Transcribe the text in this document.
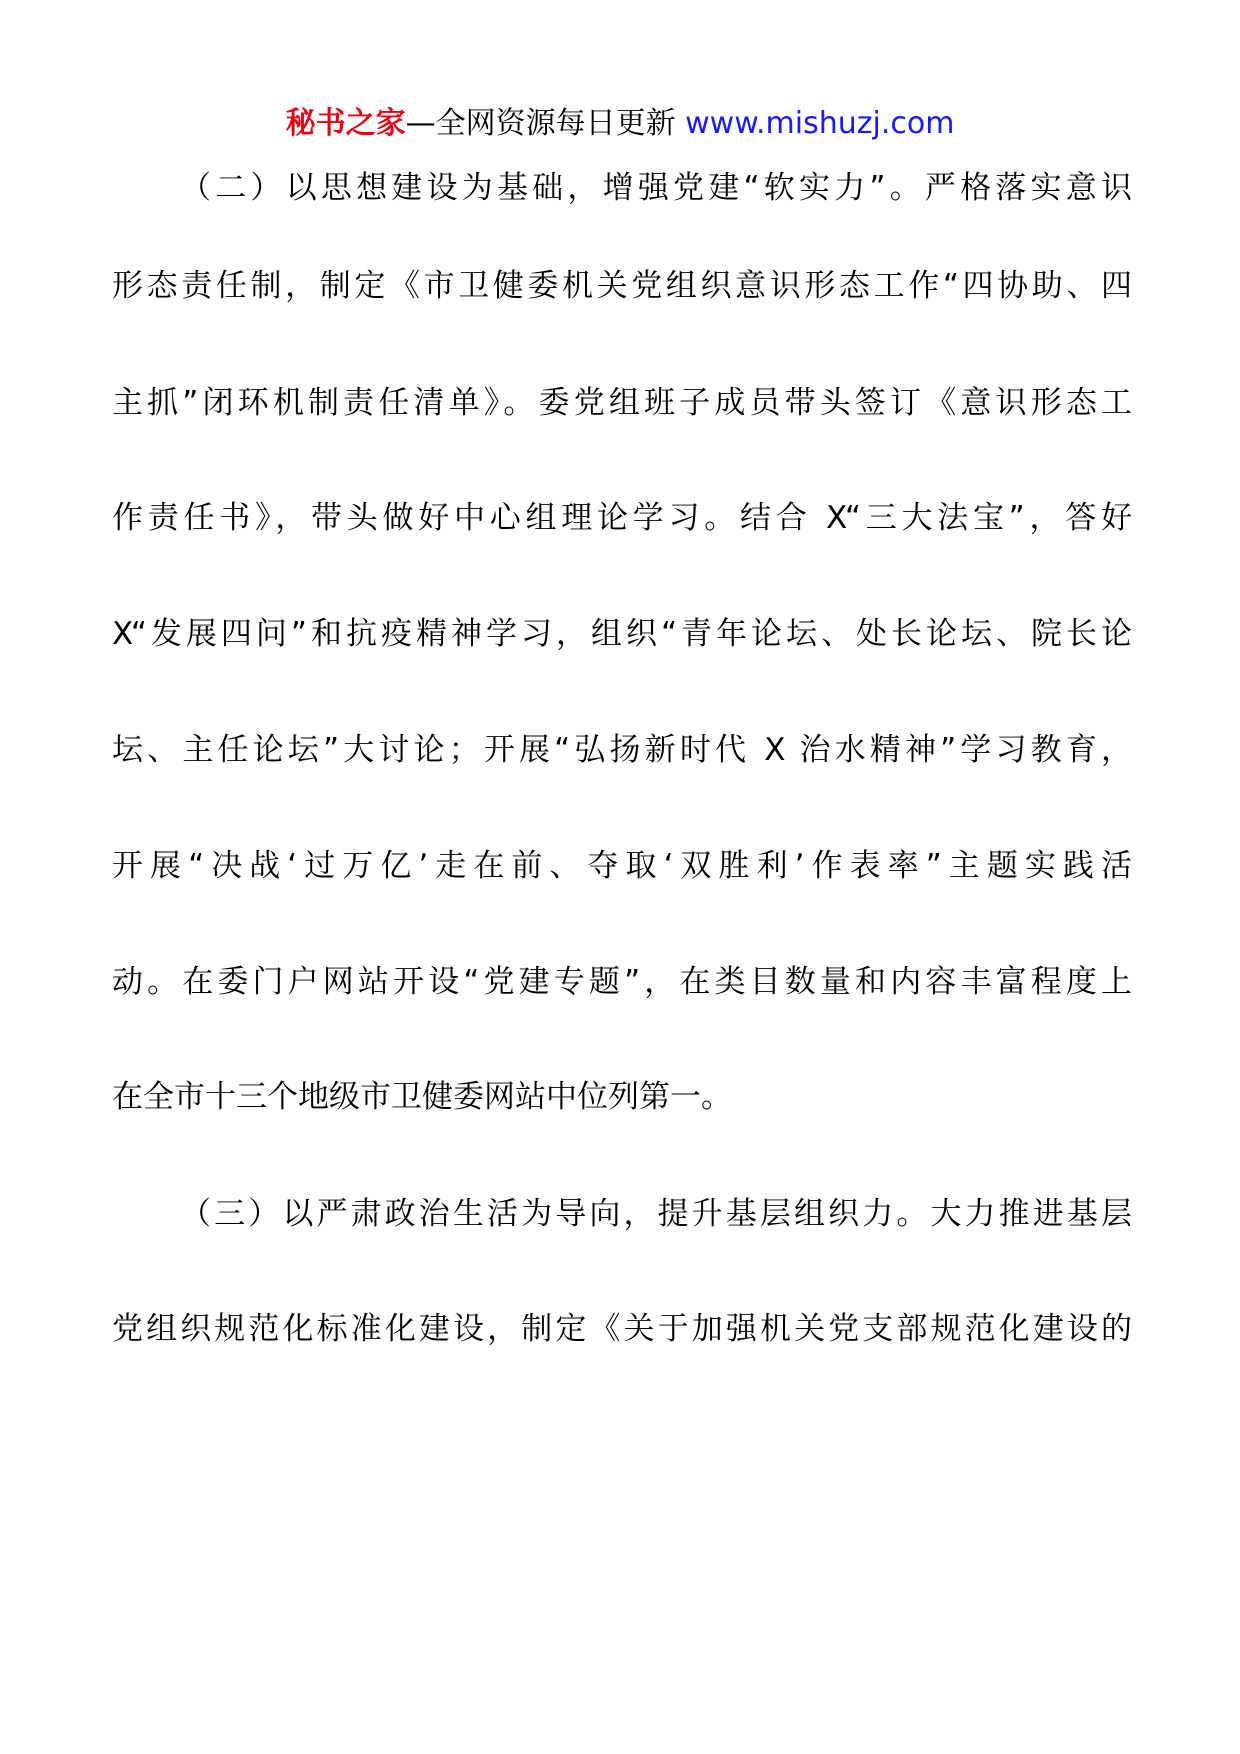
秘书之家—全网资源每日更新 www.mishuzj.com
（二）以思想建设为基础，增强党建“软实力”。严格落实意识
形态责任制，制定《市卫健委机关党组织意识形态工作“四协助、四
主抓”闭环机制责任清单》。委党组班子成员带头签订《意识形态工
作责任书》，带头做好中心组理论学习。结合 X“三大法宝”，答好
X“发展四问”和抗疫精神学习，组织“青年论坛、处长论坛、院长论
坛、主任论坛”大讨论；开展“弘扬新时代 X 治水精神”学习教育，
开展“决战‘过万亿’走在前、夺取‘双胜利’作表率”主题实践活
动。在委门户网站开设“党建专题”，在类目数量和内容丰富程度上
在全市十三个地级市卫健委网站中位列第一。
（三）以严肃政治生活为导向，提升基层组织力。大力推进基层
党组织规范化标准化建设，制定《关于加强机关党支部规范化建设的
